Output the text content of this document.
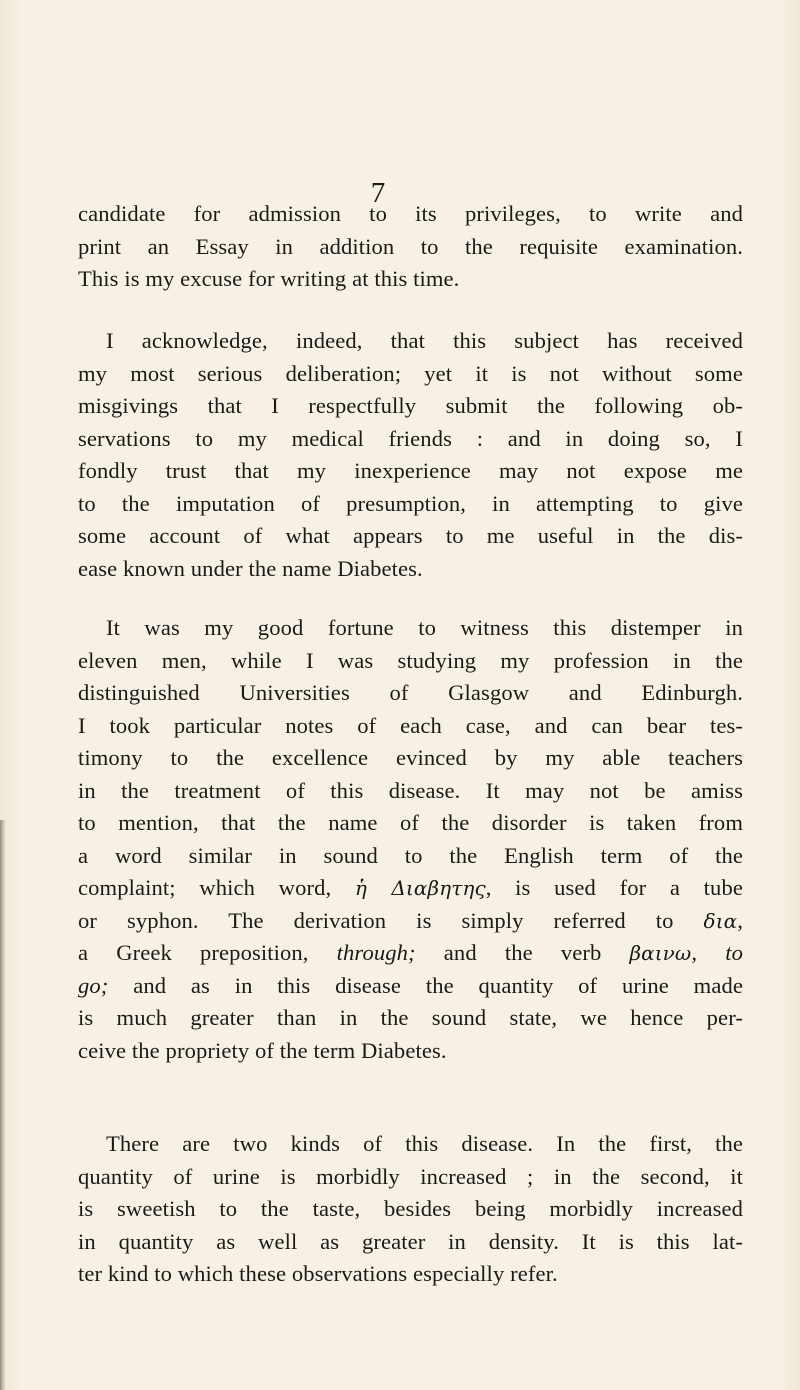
7
candidate for admission to its privileges, to write and
print an Essay in addition to the requisite examination.
This is my excuse for writing at this time.
I acknowledge, indeed, that this subject has received
my most serious deliberation; yet it is not without some
misgivings that I respectfully submit the following ob-
servations to my medical friends : and in doing so, I
fondly trust that my inexperience may not expose me
to the imputation of presumption, in attempting to give
some account of what appears to me useful in the dis-
ease known under the name Diabetes.
It was my good fortune to witness this distemper in
eleven men, while I was studying my profession in the
distinguished Universities of Glasgow and Edinburgh.
I took particular notes of each case, and can bear tes-
timony to the excellence evinced by my able teachers
in the treatment of this disease. It may not be amiss
to mention, that the name of the disorder is taken from
a word similar in sound to the English term of the
complaint; which word, ἡ Διαβητης, is used for a tube
or syphon. The derivation is simply referred to δια,
a Greek preposition, through; and the verb βαινω, to
go; and as in this disease the quantity of urine made
is much greater than in the sound state, we hence per-
ceive the propriety of the term Diabetes.
There are two kinds of this disease. In the first, the
quantity of urine is morbidly increased ; in the second, it
is sweetish to the taste, besides being morbidly increased
in quantity as well as greater in density. It is this lat-
ter kind to which these observations especially refer.
